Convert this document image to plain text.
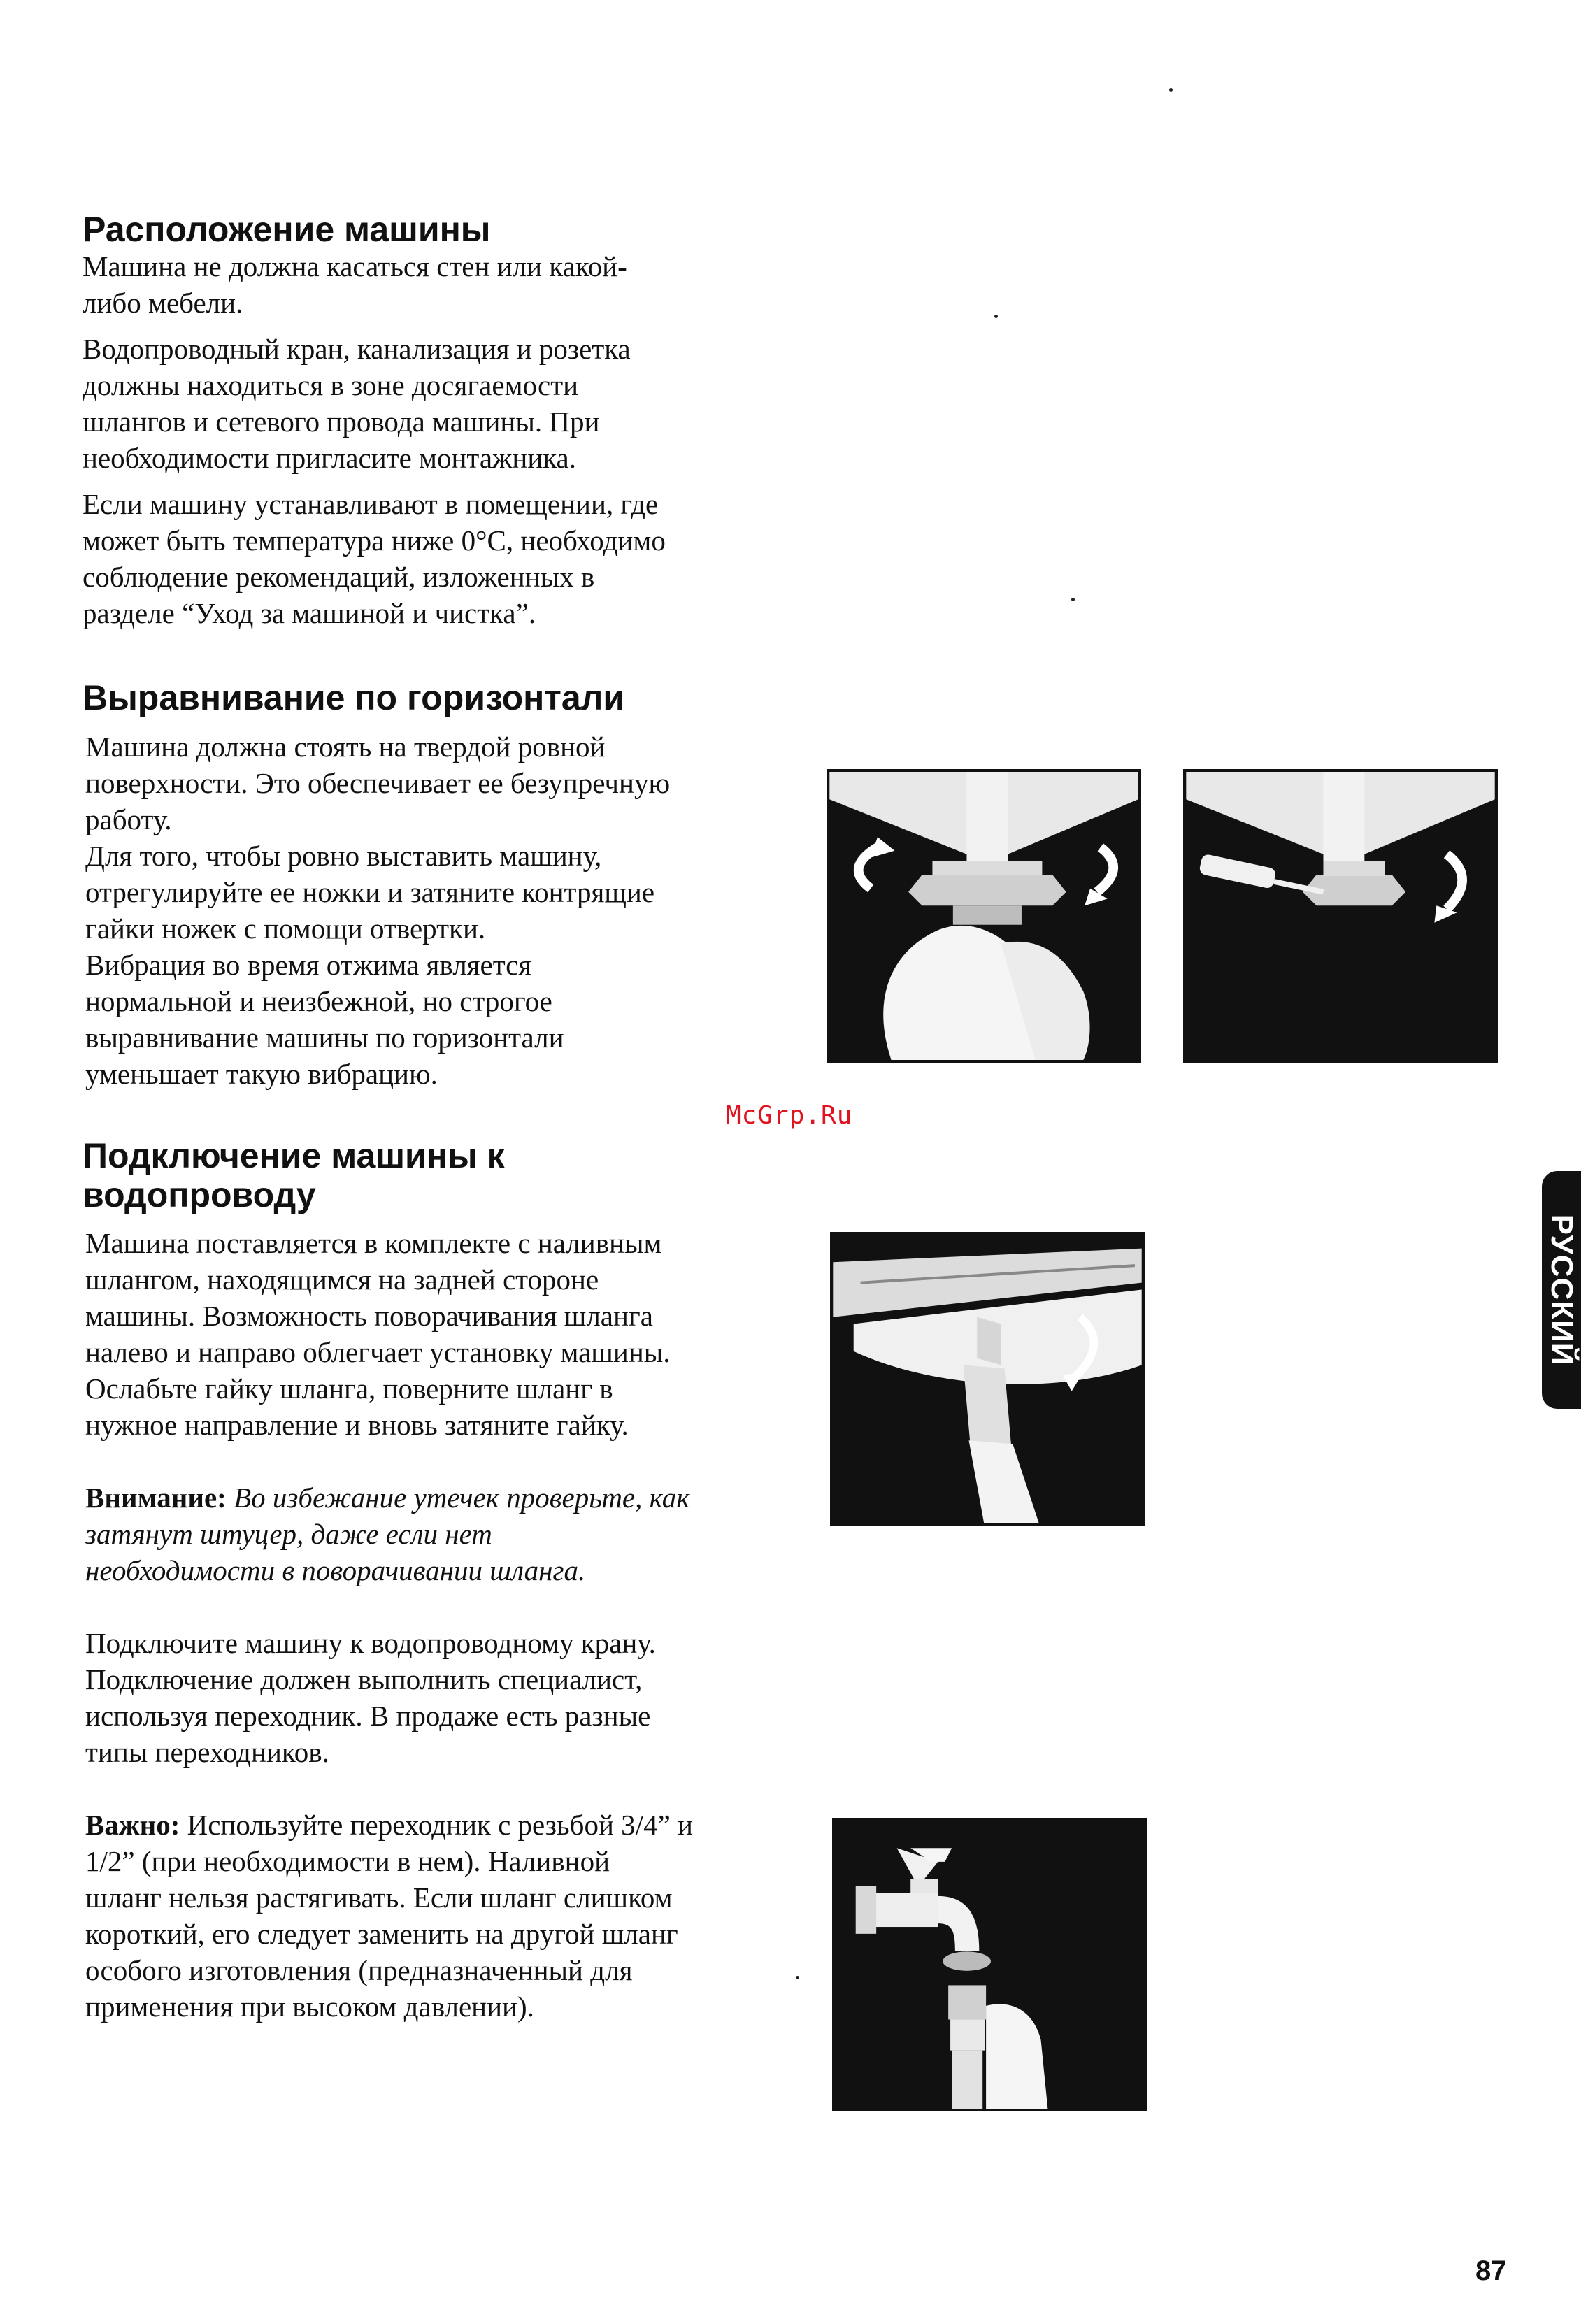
Расположение машины

Машина не должна касаться стен или какой-
либо мебели.

Водопроводный кран, канализация и розетка
должны находиться в зоне досягаемости
шлангов и сетевого провода машины. При
необходимости пригласите монтажника.

Если машину устанавливают в помещении, где
может быть температура ниже 0°С, необходимо
соблюдение рекомендаций, изложенных в
разделе “Уход за машиной и чистка”.

Выравнивание по горизонтали
Машина должна стоять на твердой ровной
поверхности. Это обеспечивает ее безупречную
работу.
Для того, чтобы ровно выставить машину,
отрегулируйте ее ножки и затяните контрящие
гайки ножек с помощи отвертки.
Вибрация во время отжима является
нормальной и неизбежной, но строгое
выравнивание машины по горизонтали
уменьшает такую вибрацию.
Подключение машины к
водопроводу
McGrp.Ru
Машина поставляется в комплекте с наливным
шлангом, находящимся на задней стороне
машины. Возможность поворачивания шланга
налево и направо облегчает установку машины.
Ослабьте гайку шланга, поверните шланг в
нужное направление и вновь затяните гайку.
Внимание: Во избежание утечек проверьте, как
затянут штуцер, даже если нет
необходимости в поворачивании шланга.
Подключите машину к водопроводному крану.
Подключение должен выполнить специалист,
используя переходник. В продаже есть разные
типы переходников.
Важно: Используйте переходник с резьбой 3/4” и
1/2” (при необходимости в нем). Наливной
шланг нельзя растягивать. Если шланг слишком
короткий, его следует заменить на другой шланг
особого изготовления (предназначенный для
применения при высоком давлении).
РУССКИЙ
87
